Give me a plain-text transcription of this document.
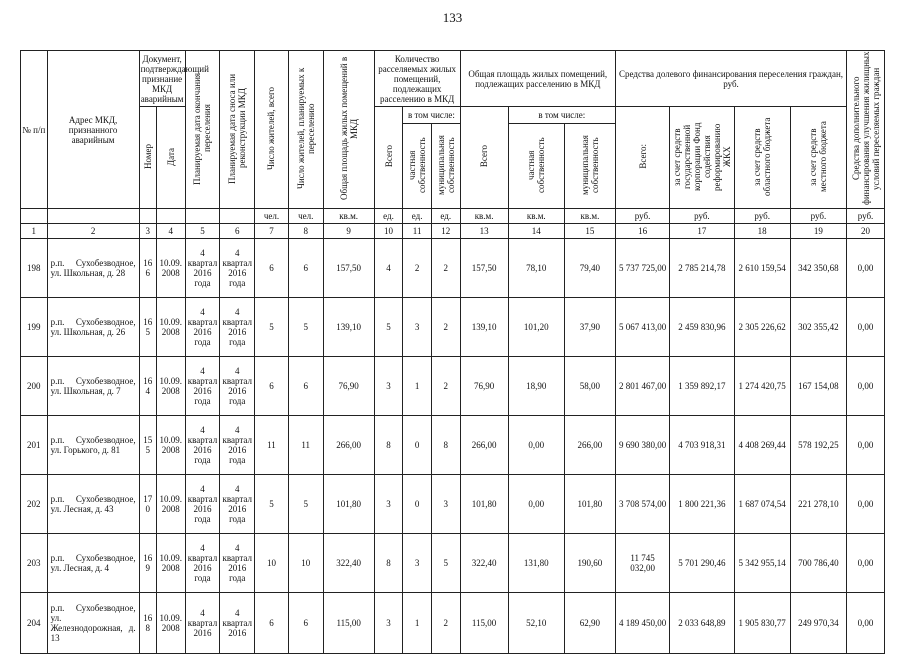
133
№ п/п	Адрес МКД, признанного аварийным	Документ, подтверждающий признание МКД аварийным		Планируемая дата окончания переселения	Планируемая дата сноса или реконструкции МКД	Число жителей, всего	Число жителей, планируемых к переселению	Общая площадь жилых помещений в МКД	Количество расселяемых жилых помещений, подлежащих расселению в МКД			Общая площадь жилых помещений, подлежащих расселению в МКД			Средства долевого финансирования переселения граждан, руб.				Средства дополнительного финансирования улучшения жилищных условий переселяемых граждан
		Номер	Дата						Всего	в том числе:		Всего	в том числе:		Всего:	за счет средств государственной корпорации Фонд содействия реформированию ЖКХ	за счет средств областного бюджета	за счет средств местного бюджета	
										частная собственность	муниципальная собственность		частная собственность	муниципальная собственность					

						чел.	чел.	кв.м.	ед.	ед.	ед.	кв.м.	кв.м.	кв.м.	руб.	руб.	руб.	руб.	руб.
1	2	3	4	5	6	7	8	9	10	11	12	13	14	15	16	17	18	19	20
198	р.п. Сухобезводное, ул. Школьная, д. 28	16 6	10.09. 2008	4 квартал 2016 года	4 квартал 2016 года	6	6	157,50	4	2	2	157,50	78,10	79,40	5 737 725,00	2 785 214,78	2 610 159,54	342 350,68	0,00
199	р.п. Сухобезводное, ул. Школьная, д. 26	16 5	10.09. 2008	4 квартал 2016 года	4 квартал 2016 года	5	5	139,10	5	3	2	139,10	101,20	37,90	5 067 413,00	2 459 830,96	2 305 226,62	302 355,42	0,00
200	р.п. Сухобезводное, ул. Школьная, д. 7	16 4	10.09. 2008	4 квартал 2016 года	4 квартал 2016 года	6	6	76,90	3	1	2	76,90	18,90	58,00	2 801 467,00	1 359 892,17	1 274 420,75	167 154,08	0,00
201	р.п. Сухобезводное, ул. Горького, д. 81	15 5	10.09. 2008	4 квартал 2016 года	4 квартал 2016 года	11	11	266,00	8	0	8	266,00	0,00	266,00	9 690 380,00	4 703 918,31	4 408 269,44	578 192,25	0,00
202	р.п. Сухобезводное, ул. Лесная, д. 43	17 0	10.09. 2008	4 квартал 2016 года	4 квартал 2016 года	5	5	101,80	3	0	3	101,80	0,00	101,80	3 708 574,00	1 800 221,36	1 687 074,54	221 278,10	0,00
203	р.п. Сухобезводное, ул. Лесная, д. 4	16 9	10.09. 2008	4 квартал 2016 года	4 квартал 2016 года	10	10	322,40	8	3	5	322,40	131,80	190,60	11 745 032,00	5 701 290,46	5 342 955,14	700 786,40	0,00
204	р.п. Сухобезводное, ул. Железнодорожная, д. 13	16 8	10.09. 2008	4 квартал 2016	4 квартал 2016	6	6	115,00	3	1	2	115,00	52,10	62,90	4 189 450,00	2 033 648,89	1 905 830,77	249 970,34	0,00
